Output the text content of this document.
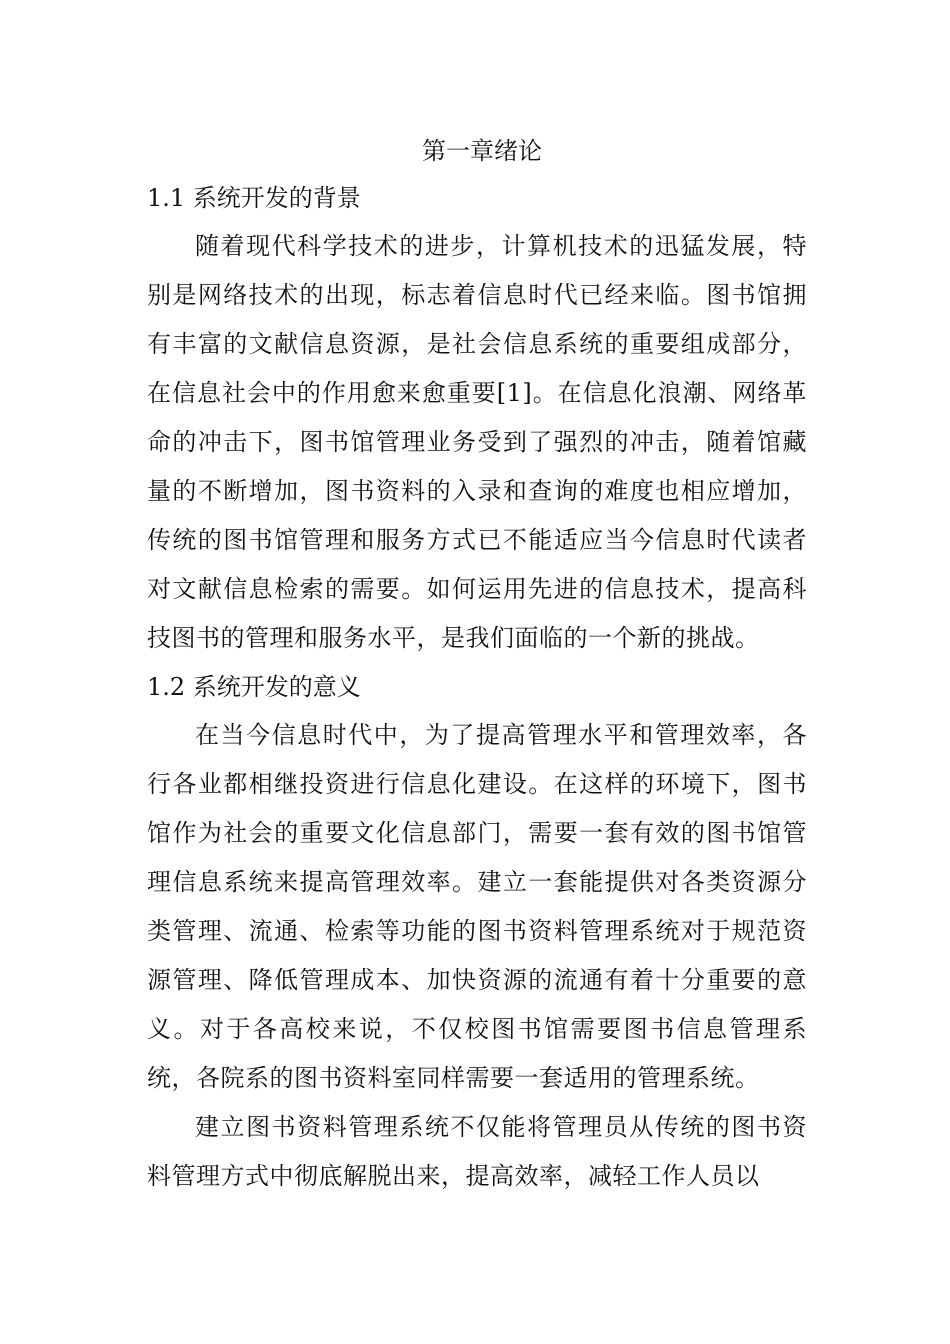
第一章绪论
1.1 系统开发的背景

随着现代科学技术的进步，计算机技术的迅猛发展，特别是网络技术的出现，标志着信息时代已经来临。图书馆拥有丰富的文献信息资源，是社会信息系统的重要组成部分，在信息社会中的作用愈来愈重要[1]。在信息化浪潮、网络革命的冲击下，图书馆管理业务受到了强烈的冲击，随着馆藏量的不断增加，图书资料的入录和查询的难度也相应增加，传统的图书馆管理和服务方式已不能适应当今信息时代读者对文献信息检索的需要。如何运用先进的信息技术，提高科技图书的管理和服务水平，是我们面临的一个新的挑战。

1.2 系统开发的意义

在当今信息时代中，为了提高管理水平和管理效率，各行各业都相继投资进行信息化建设。在这样的环境下，图书馆作为社会的重要文化信息部门，需要一套有效的图书馆管理信息系统来提高管理效率。建立一套能提供对各类资源分类管理、流通、检索等功能的图书资料管理系统对于规范资源管理、降低管理成本、加快资源的流通有着十分重要的意义。对于各高校来说，不仅校图书馆需要图书信息管理系统，各院系的图书资料室同样需要一套适用的管理系统。

建立图书资料管理系统不仅能将管理员从传统的图书资料管理方式中彻底解脱出来，提高效率，减轻工作人员以
